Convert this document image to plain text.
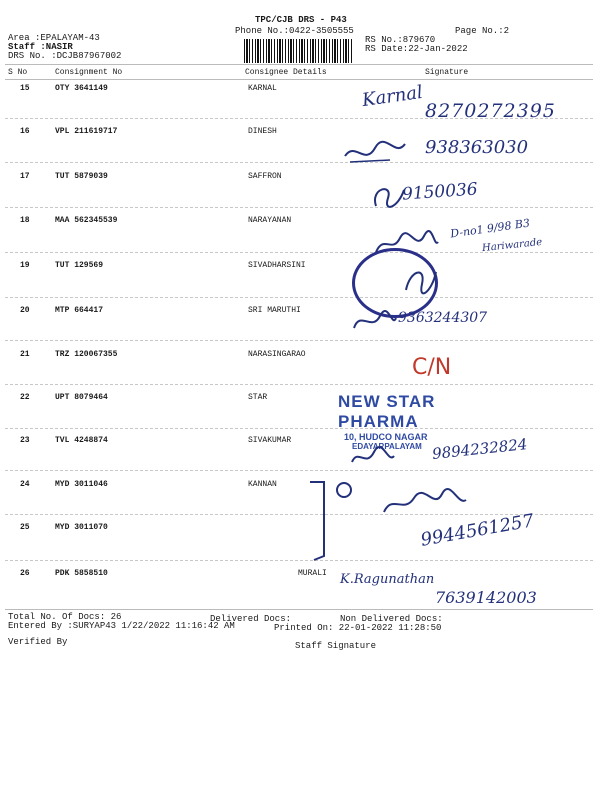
TPC/CJB DRS - P43
Phone No.:0422-3505555	Page No.:2
Area :EPALAYAM-43
Staff :NASIR
DRS No. :DCJB87967002
RS No.:879670
RS Date:22-Jan-2022
S No	Consignment No	Consignee Details	Signature
15	OTY 3641149	KARNAL
16	VPL 211619717	DINESH
17	TUT 5879039	SAFFRON
18	MAA 562345539	NARAYANAN
19	TUT 129569	SIVADHARSINI
20	MTP 664417	SRI MARUTHI
21	TRZ 120067355	NARASINGARAO
22	UPT 8079464	STAR
23	TVL 4248874	SIVAKUMAR
24	MYD 3011046	KANNAN
25	MYD 3011070
26	PDK 5858510	MURALI
NEW STAR PHARMA
10, HUDCO NAGAR
EDAYARPALAYAM
Karnal 8270272395
938363030
9150036
D-no1 9/98 B3
Hariwarade
9363244307
C/N
9894232824
9944561257
K.Ragunathan
7639142003
Total No. Of Docs: 26	Delivered Docs:	Non Delivered Docs:
Entered By :SURYAP43 1/22/2022 11:16:42 AM	Printed On: 22-01-2022 11:28:50
Verified By	Staff Signature
